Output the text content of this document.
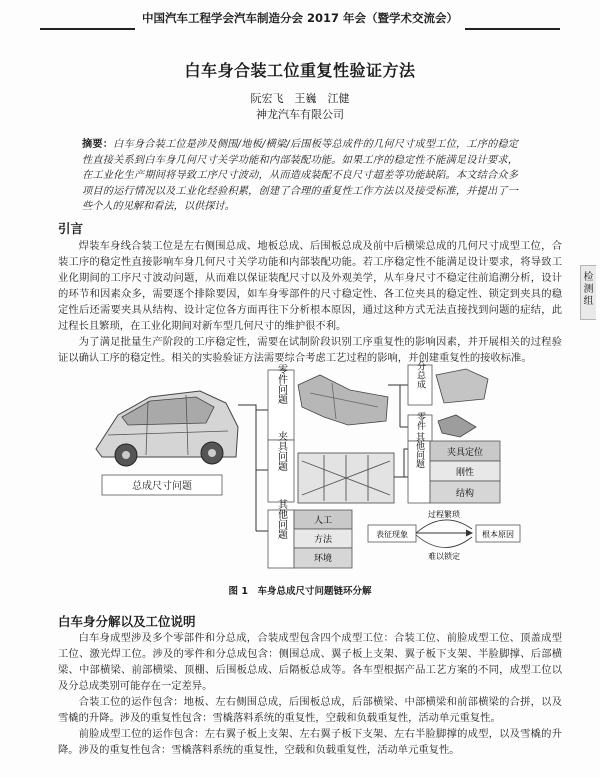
中国汽车工程学会汽车制造分会 2017 年会（暨学术交流会）
白车身合装工位重复性验证方法
阮宏飞　王巍　江健
神龙汽车有限公司
摘要：白车身合装工位是涉及侧围/地板/横梁/后围板等总成件的几何尺寸成型工位，工序的稳定性直接关系到白车身几何尺寸关学功能和内部装配功能。如果工序的稳定性不能满足设计要求，在工业化生产期间将导致工序尺寸波动，从而造成装配不良尺寸超差等功能缺陷。本文结合众多项目的运行情况以及工业化经验积累，创建了合理的重复性工作方法以及接受标准，并提出了一些个人的见解和看法，以供探讨。
引言

焊装车身线合装工位是左右侧围总成、地板总成、后围板总成及前中后横梁总成的几何尺寸成型工位，合装工序的稳定性直接影响车身几何尺寸关学功能和内部装配功能。若工序稳定性不能满足设计要求，将导致工业化期间的工序尺寸波动问题，从而难以保证装配尺寸以及外观美学，从车身尺寸不稳定往前追溯分析，设计的环节和因素众多，需要逐个排除要因，如车身零部件的尺寸稳定性、各工位夹具的稳定性、锁定到夹具的稳定性后还需要夹具从结构、设计定位各方面再往下分析根本原因，通过这种方式无法直接找到问题的症结，此过程长且繁琐，在工业化期间对新车型几何尺寸的维护很不利。

为了满足批量生产阶段的工序稳定性，需要在试制阶段识别工序重复性的影响因素，并开展相关的过程验证以确认工序的稳定性。相关的实验验证方法需要综合考虑工艺过程的影响，并创建重复性的接收标准。

检测组
总成尺寸问题
零件问题	分总成
零件
夹具问题	其他问题	夹具定位
刚性
结构
其他问题	人工
方法
环境
表征现象	根本原因
过程繁琐
难以锁定
图 1　车身总成尺寸问题链环分解
白车身分解以及工位说明

白车身成型涉及多个零部件和分总成，合装成型包含四个成型工位：合装工位、前脸成型工位、顶盖成型工位、激光焊工位。涉及的零件和分总成包含：侧围总成、翼子板上支架、翼子板下支架、半脸脚撑、后部横梁、中部横梁、前部横梁、顶棚、后围板总成、后隔板总成等。各车型根据产品工艺方案的不同，成型工位以及分总成类别可能存在一定差异。

合装工位的运作包含：地板、左右侧围总成，后围板总成，后部横梁、中部横梁和前部横梁的合拼，以及雪橇的升降。涉及的重复性包含：雪橇落料系统的重复性，空载和负载重复性，活动单元重复性。

前脸成型工位的运作包含：左右翼子板上支架、左右翼子板下支架、左右半脸脚撑的成型，以及雪橇的升降。涉及的重复性包含：雪橇落料系统的重复性，空载和负载重复性，活动单元重复性。
